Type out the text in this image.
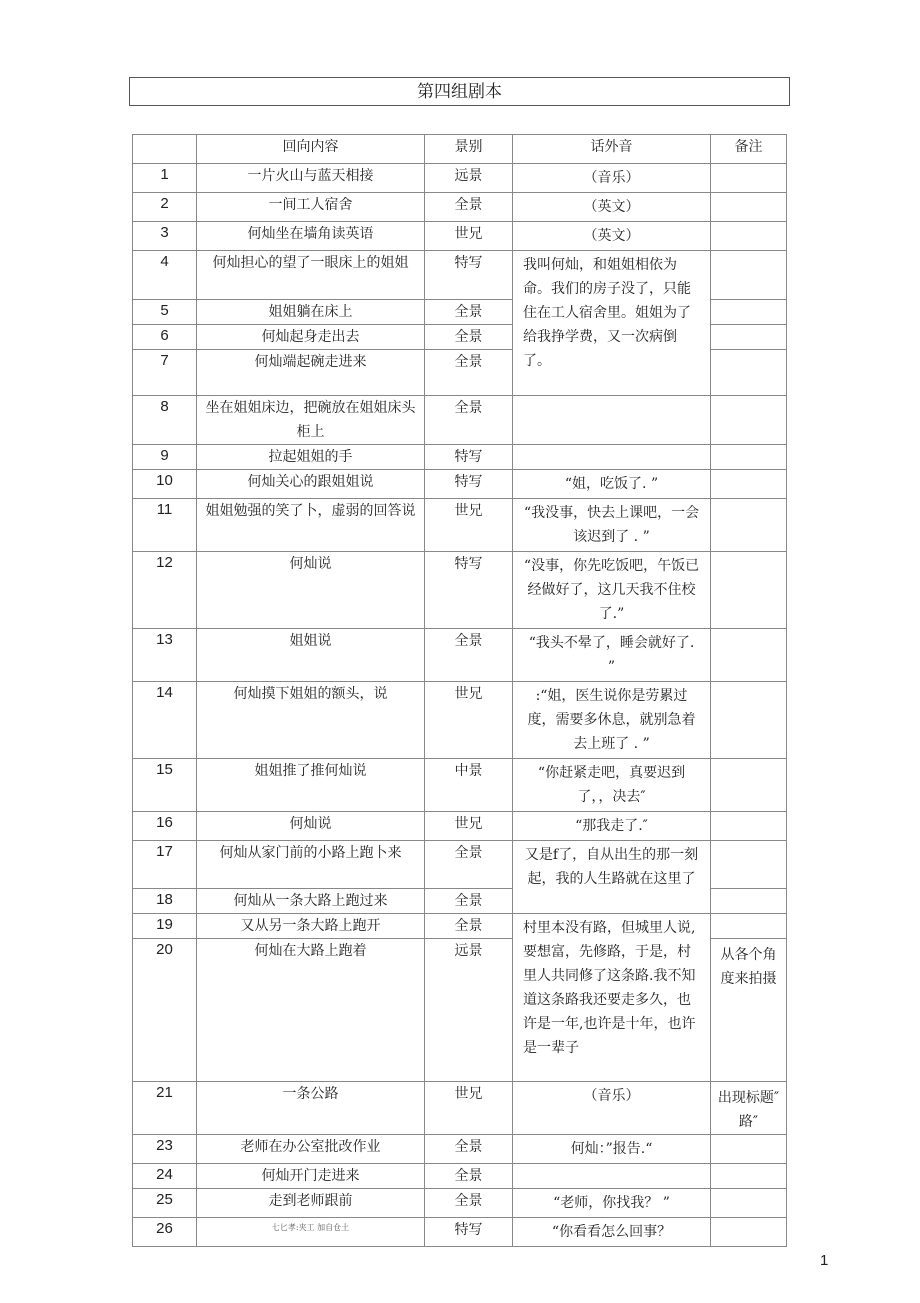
第四组剧本
	回向内容	景别	话外音	备注
1	一片火山与蓝天相接	远景	（音乐）	
2	一间工人宿舍	全景	（英文）	
3	何灿坐在墙角读英语	世兄	（英文）	
4	何灿担心的望了一眼床上的姐姐	特写	我叫何灿，和姐姐相依为命。我们的房子没了，只能住在工人宿舍里。姐姐为了给我挣学费，又一次病倒了。	
5	姐姐躺在床上	全景		
6	何灿起身走出去	全景		
7	何灿端起碗走进来	全景		
8	坐在姐姐床边，把碗放在姐姐床头柜上	全景		
9	拉起姐姐的手	特写		
10	何灿关心的跟姐姐说	特写	“姐，吃饭了. ”	
11	姐姐勉强的笑了卜，虚弱的回答说	世兄	“我没事，快去上课吧，一会该迟到了 . ”	
12	何灿说	特写	“没事，你先吃饭吧，午饭已经做好了，这几天我不住校了.”	
13	姐姐说	全景	“我头不晕了，睡会就好了. ”	
14	何灿摸下姐姐的额头，说	世兄	:“姐，医生说你是劳累过度，需要多休息，就别急着去上班了 . ”	
15	姐姐推了推何灿说	中景	“你赶紧走吧，真要迟到了，，决去″	
16	何灿说	世兄	“那我走了.″	
17	何灿从家门前的小路上跑卜来	全景	又是f了，自从出生的那一刻起，我的人生路就在这里了	
18	何灿从一条大路上跑过来	全景		
19	又从另一条大路上跑开	全景	村里本没有路，但城里人说,要想富，先修路，于是，村里人共同修了这条路.我不知道这条路我还要走多久，也许是一年,也许是十年，也许是一辈子	
20	何灿在大路上跑着	远景		从各个角度来拍摄
21	一条公路	世兄	（音乐）	出现标题″路″
23	老师在办公室批改作业	全景	何灿：”报告.“	
24	何灿开门走进来	全景		
25	走到老师跟前	全景	“老师，你找我？ ”	
26	七匕孝:夹工 加自仓土	特写	“你看看怎么回事？	
1
